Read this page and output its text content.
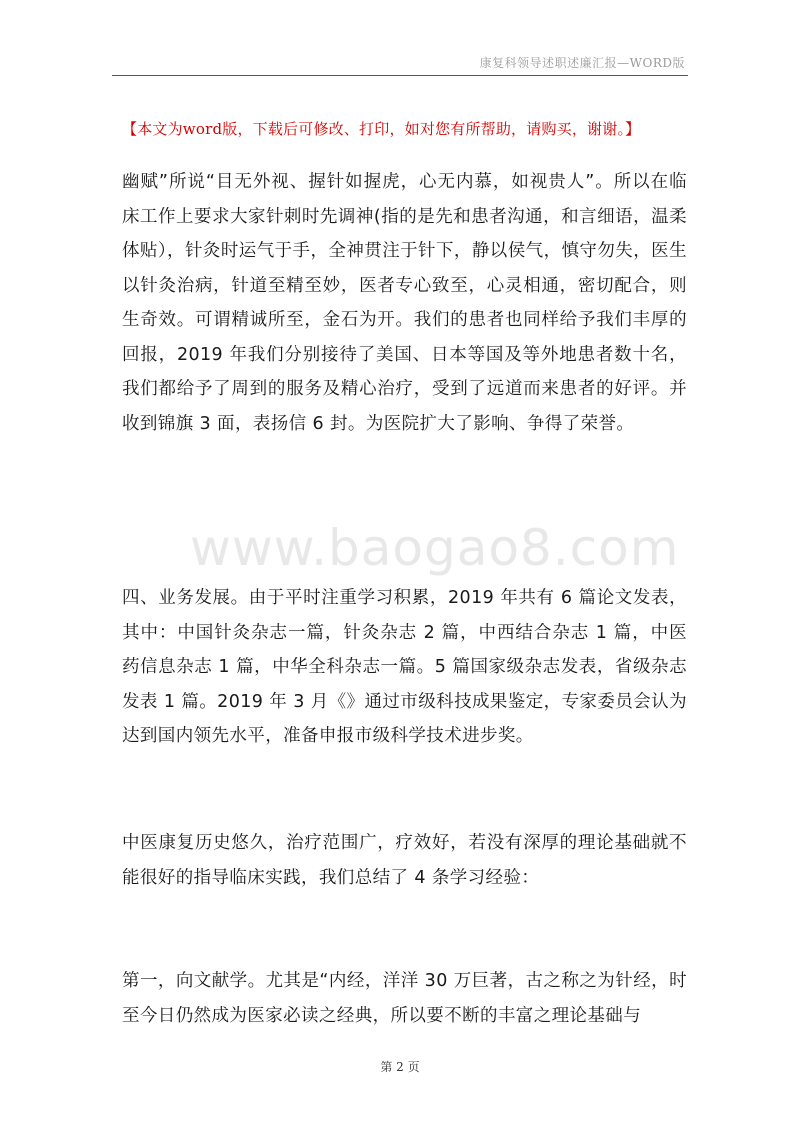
康复科领导述职述廉汇报—WORD版
【本文为word版，下载后可修改、打印，如对您有所帮助，请购买，谢谢。】
幽赋”所说“目无外视、握针如握虎，心无内慕，如视贵人”。所以在临床工作上要求大家针刺时先调神(指的是先和患者沟通，和言细语，温柔体贴），针灸时运气于手，全神贯注于针下，静以侯气，慎守勿失，医生以针灸治病，针道至精至妙，医者专心致至，心灵相通，密切配合，则生奇效。可谓精诚所至，金石为开。我们的患者也同样给予我们丰厚的回报，2019 年我们分别接待了美国、日本等国及等外地患者数十名，我们都给予了周到的服务及精心治疗，受到了远道而来患者的好评。并收到锦旗 3 面，表扬信 6 封。为医院扩大了影响、争得了荣誉。
www.baogao8.com
四、业务发展。由于平时注重学习积累，2019 年共有 6 篇论文发表，其中：中国针灸杂志一篇，针灸杂志 2 篇，中西结合杂志 1 篇，中医药信息杂志 1 篇，中华全科杂志一篇。5 篇国家级杂志发表，省级杂志发表 1 篇。2019 年 3 月《》通过市级科技成果鉴定，专家委员会认为达到国内领先水平，准备申报市级科学技术进步奖。
中医康复历史悠久，治疗范围广，疗效好，若没有深厚的理论基础就不能很好的指导临床实践，我们总结了 4 条学习经验：
第一，向文献学。尤其是“内经，洋洋 30 万巨著，古之称之为针经，时至今日仍然成为医家必读之经典，所以要不断的丰富之理论基础与
第 2 页
